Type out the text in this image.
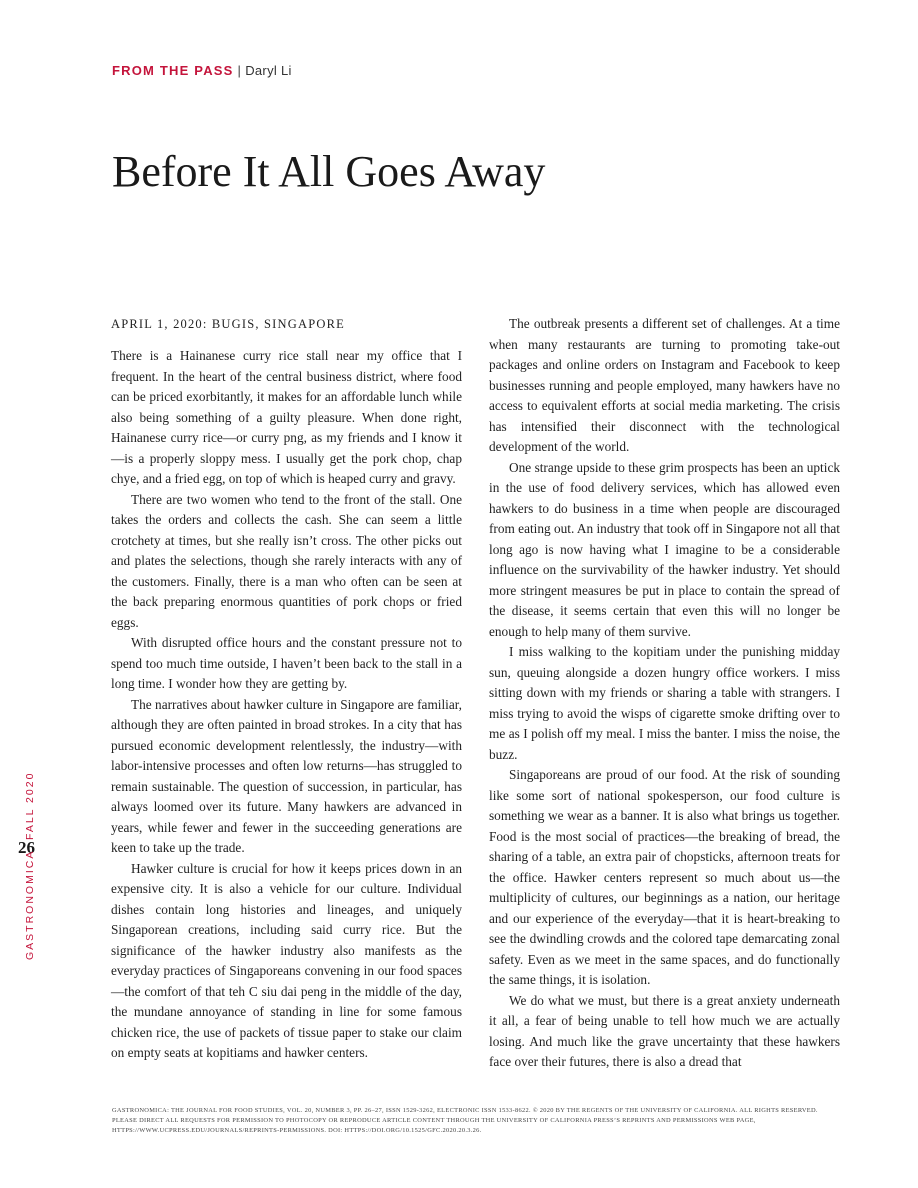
FROM THE PASS | Daryl Li
Before It All Goes Away
APRIL 1, 2020: BUGIS, SINGAPORE

There is a Hainanese curry rice stall near my office that I frequent. In the heart of the central business district, where food can be priced exorbitantly, it makes for an affordable lunch while also being something of a guilty pleasure. When done right, Hainanese curry rice—or curry png, as my friends and I know it—is a properly sloppy mess. I usually get the pork chop, chap chye, and a fried egg, on top of which is heaped curry and gravy.

There are two women who tend to the front of the stall. One takes the orders and collects the cash. She can seem a little crotchety at times, but she really isn’t cross. The other picks out and plates the selections, though she rarely interacts with any of the customers. Finally, there is a man who often can be seen at the back preparing enormous quantities of pork chops or fried eggs.

With disrupted office hours and the constant pressure not to spend too much time outside, I haven’t been back to the stall in a long time. I wonder how they are getting by.

The narratives about hawker culture in Singapore are familiar, although they are often painted in broad strokes. In a city that has pursued economic development relentlessly, the industry—with labor-intensive processes and often low returns—has struggled to remain sustainable. The question of succession, in particular, has always loomed over its future. Many hawkers are advanced in years, while fewer and fewer in the succeeding generations are keen to take up the trade.

Hawker culture is crucial for how it keeps prices down in an expensive city. It is also a vehicle for our culture. Individual dishes contain long histories and lineages, and uniquely Singaporean creations, including said curry rice. But the significance of the hawker industry also manifests as the everyday practices of Singaporeans convening in our food spaces—the comfort of that teh C siu dai peng in the middle of the day, the mundane annoyance of standing in line for some famous chicken rice, the use of packets of tissue paper to stake our claim on empty seats at kopitiams and hawker centers.

The outbreak presents a different set of challenges. At a time when many restaurants are turning to promoting take-out packages and online orders on Instagram and Facebook to keep businesses running and people employed, many hawkers have no access to equivalent efforts at social media marketing. The crisis has intensified their disconnect with the technological development of the world.

One strange upside to these grim prospects has been an uptick in the use of food delivery services, which has allowed even hawkers to do business in a time when people are discouraged from eating out. An industry that took off in Singapore not all that long ago is now having what I imagine to be a considerable influence on the survivability of the hawker industry. Yet should more stringent measures be put in place to contain the spread of the disease, it seems certain that even this will no longer be enough to help many of them survive.

I miss walking to the kopitiam under the punishing midday sun, queuing alongside a dozen hungry office workers. I miss sitting down with my friends or sharing a table with strangers. I miss trying to avoid the wisps of cigarette smoke drifting over to me as I polish off my meal. I miss the banter. I miss the noise, the buzz.

Singaporeans are proud of our food. At the risk of sounding like some sort of national spokesperson, our food culture is something we wear as a banner. It is also what brings us together. Food is the most social of practices—the breaking of bread, the sharing of a table, an extra pair of chopsticks, afternoon treats for the office. Hawker centers represent so much about us—the multiplicity of cultures, our beginnings as a nation, our heritage and our experience of the everyday—that it is heart-breaking to see the dwindling crowds and the colored tape demarcating zonal safety. Even as we meet in the same spaces, and do functionally the same things, it is isolation.

We do what we must, but there is a great anxiety underneath it all, a fear of being unable to tell how much we are actually losing. And much like the grave uncertainty that these hawkers face over their futures, there is also a dread that

FALL 2020
26
GASTRONOMICA
GASTRONOMICA: THE JOURNAL FOR FOOD STUDIES, VOL. 20, NUMBER 3, PP. 26–27, ISSN 1529-3262, ELECTRONIC ISSN 1533-8622. © 2020 BY THE REGENTS OF THE UNIVERSITY OF CALIFORNIA. ALL RIGHTS RESERVED. PLEASE DIRECT ALL REQUESTS FOR PERMISSION TO PHOTOCOPY OR REPRODUCE ARTICLE CONTENT THROUGH THE UNIVERSITY OF CALIFORNIA PRESS’S REPRINTS AND PERMISSIONS WEB PAGE, HTTPS://WWW.UCPRESS.EDU/JOURNALS/REPRINTS-PERMISSIONS. DOI: HTTPS://DOI.ORG/10.1525/GFC.2020.20.3.26.
